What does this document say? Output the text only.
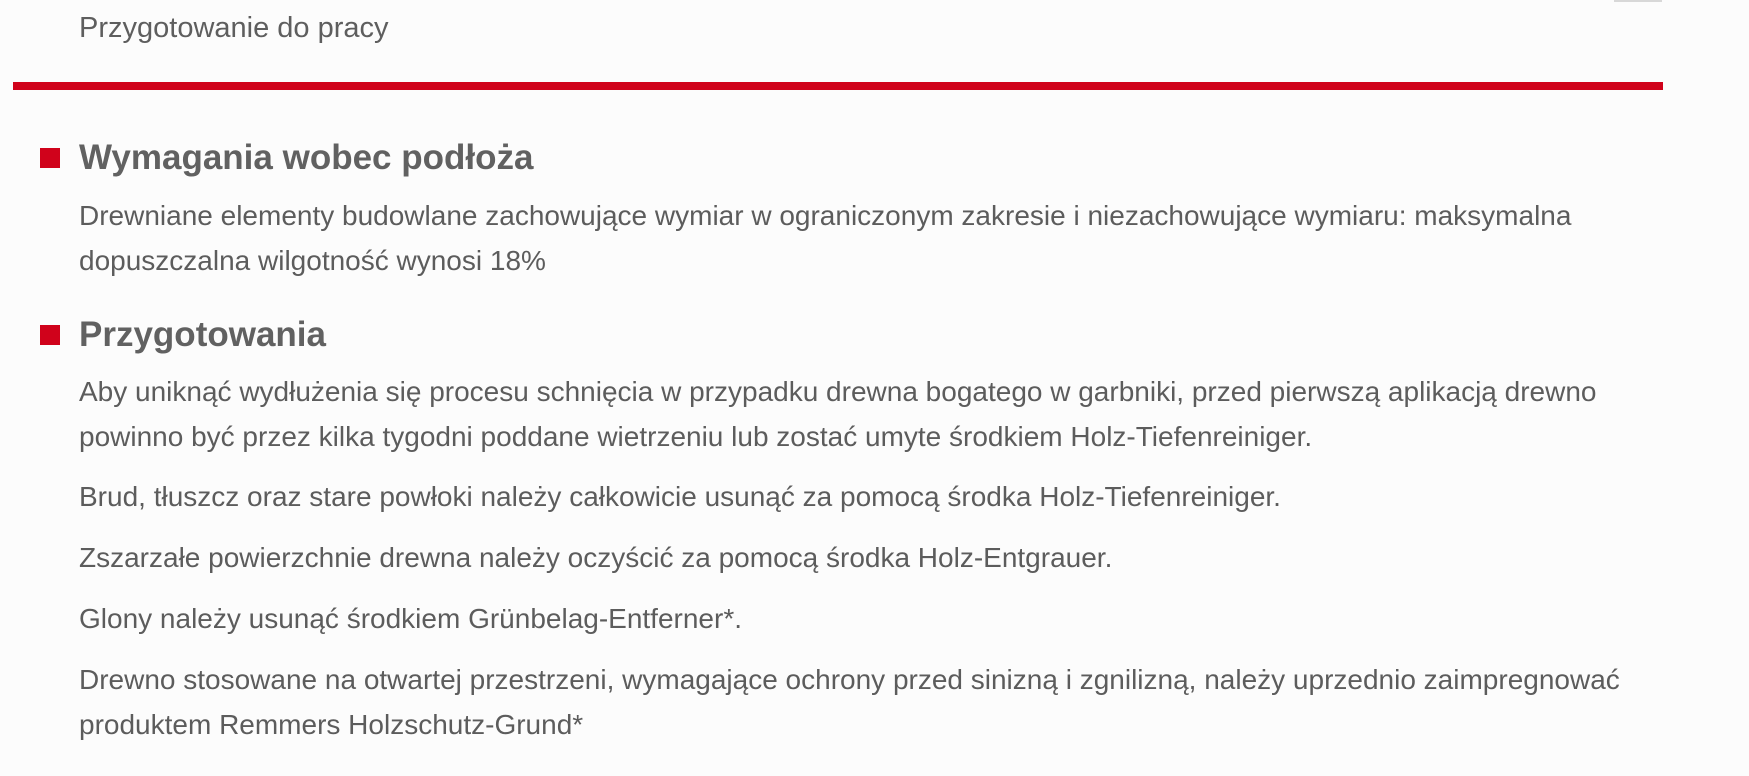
Przygotowanie do pracy
Wymagania wobec podłoża

Drewniane elementy budowlane zachowujące wymiar w ograniczonym zakresie i niezachowujące wymiaru: maksymalna dopuszczalna wilgotność wynosi 18%

Przygotowania

Aby uniknąć wydłużenia się procesu schnięcia w przypadku drewna bogatego w garbniki, przed pierwszą aplikacją drewno powinno być przez kilka tygodni poddane wietrzeniu lub zostać umyte środkiem Holz-Tiefenreiniger.

Brud, tłuszcz oraz stare powłoki należy całkowicie usunąć za pomocą środka Holz-Tiefenreiniger.

Zszarzałe powierzchnie drewna należy oczyścić za pomocą środka Holz-Entgrauer.

Glony należy usunąć środkiem Grünbelag-Entferner*.

Drewno stosowane na otwartej przestrzeni, wymagające ochrony przed sinizną i zgnilizną, należy uprzednio zaimpregnować produktem Remmers Holzschutz-Grund*
